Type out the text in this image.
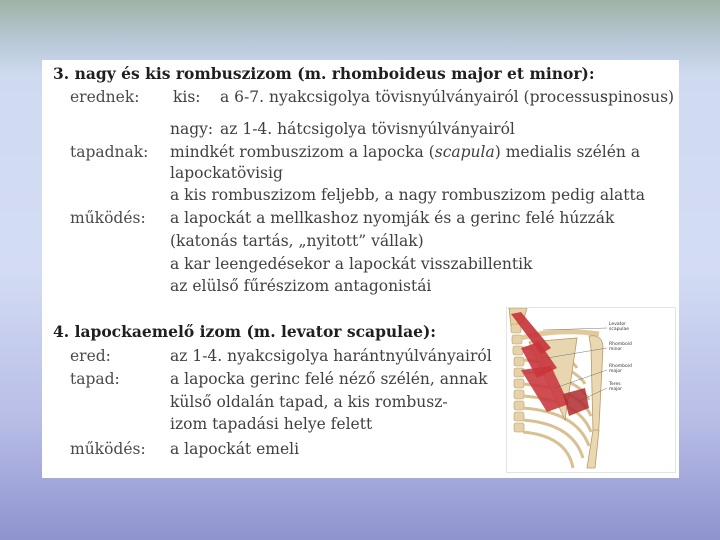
3. nagy és kis rombuszizom (m. rhomboideus major et minor):
erednek: kis: a 6-7. nyakcsigolya tövisnyúlványairól (processus
spinosus)
nagy: az 1-4. hátcsigolya tövisnyúlványairól
tapadnak: mindkét rombuszizom a lapocka (scapula) medialis szélén a
lapockatövisig
a kis rombuszizom feljebb, a nagy rombuszizom pedig alatta
működés: a lapockát a mellkashoz nyomják és a gerinc felé húzzák
(katonás tartás, „nyitott” vállak)
a kar leengedésekor a lapockát visszabillentik
az elülső fűrészizom antagonistái
4. lapockaemelő izom (m. levator scapulae):
ered:	az 1-4. nyakcsigolya harántnyúlványairól
tapad:	a lapocka gerinc felé néző szélén, annak
külső oldalán tapad, a kis rombusz-
izom tapadási helye felett
működés: a lapockát emeli
Levator
scapulae
Rhomboid
minor
Rhomboid
major
Teres
major
